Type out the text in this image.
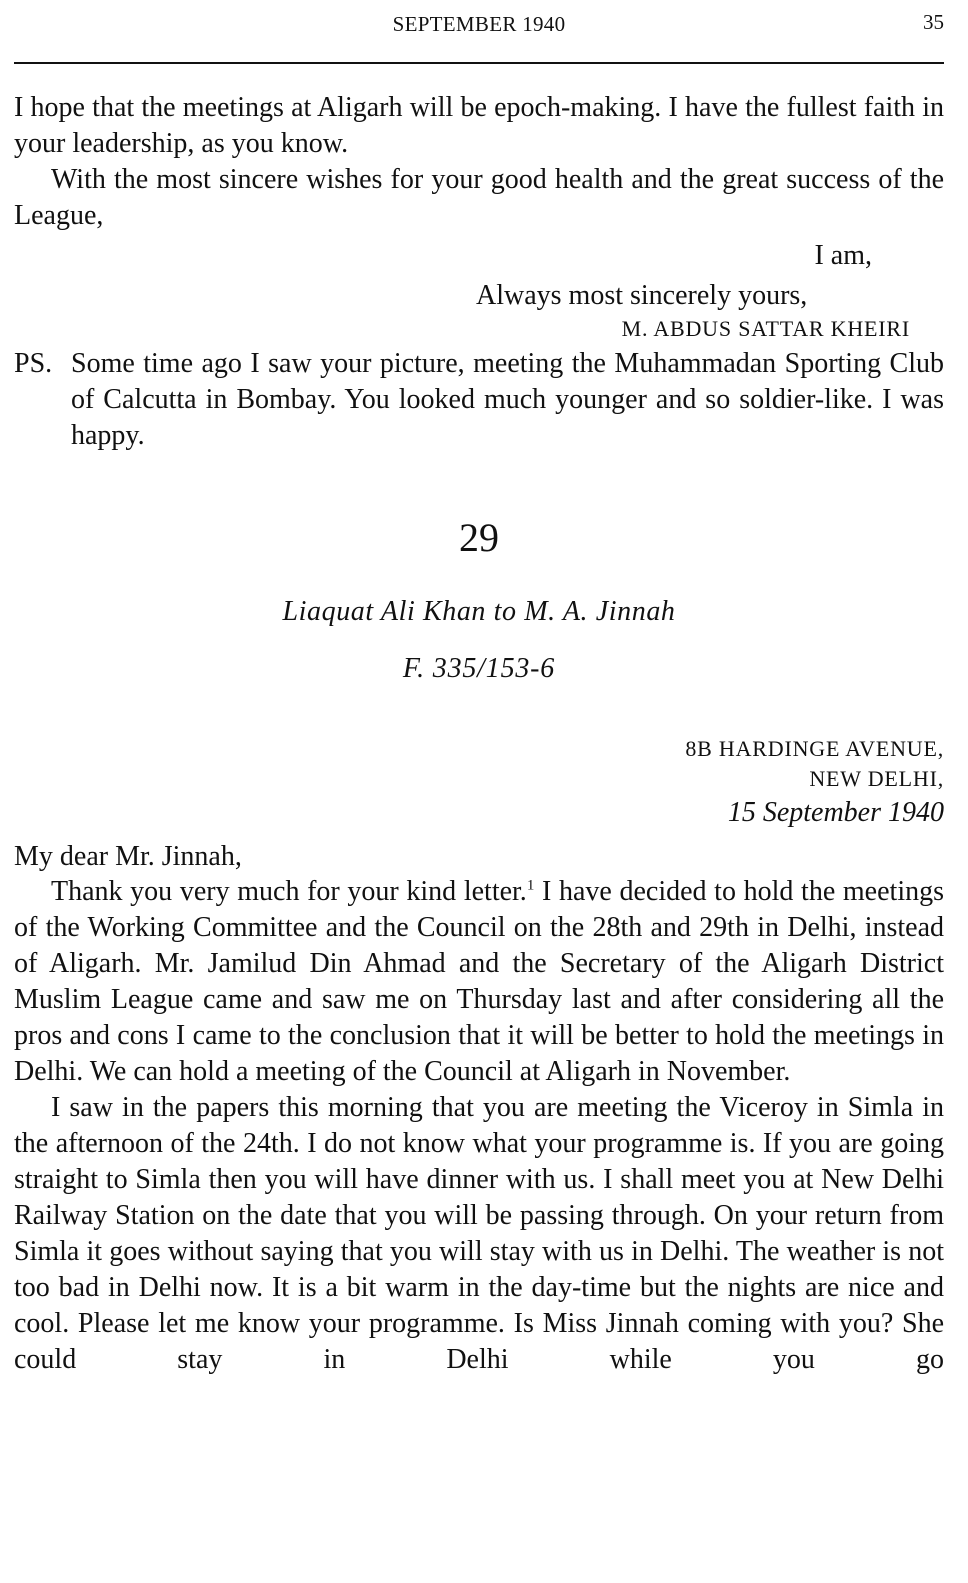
SEPTEMBER 1940	35

I hope that the meetings at Aligarh will be epoch-making. I have the fullest faith in your leadership, as you know.

With the most sincere wishes for your good health and the great success of the League,

I am,
Always most sincerely yours,
M. ABDUS SATTAR KHEIRI
PS. Some time ago I saw your picture, meeting the Muhammadan Sporting Club of Calcutta in Bombay. You looked much younger and so soldier-like. I was happy.

29
Liaquat Ali Khan to M. A. Jinnah
F. 335/153-6
8B HARDINGE AVENUE,
NEW DELHI,
15 September 1940
My dear Mr. Jinnah,

Thank you very much for your kind letter.$^1$ I have decided to hold the meetings of the Working Committee and the Council on the 28th and 29th in Delhi, instead of Aligarh. Mr. Jamilud Din Ahmad and the Secretary of the Aligarh District Muslim League came and saw me on Thursday last and after considering all the pros and cons I came to the conclusion that it will be better to hold the meetings in Delhi. We can hold a meeting of the Council at Aligarh in November.

I saw in the papers this morning that you are meeting the Viceroy in Simla in the afternoon of the 24th. I do not know what your programme is. If you are going straight to Simla then you will have dinner with us. I shall meet you at New Delhi Railway Station on the date that you will be passing through. On your return from Simla it goes without saying that you will stay with us in Delhi. The weather is not too bad in Delhi now. It is a bit warm in the day-time but the nights are nice and cool. Please let me know your programme. Is Miss Jinnah coming with you? She could stay in Delhi while you go
